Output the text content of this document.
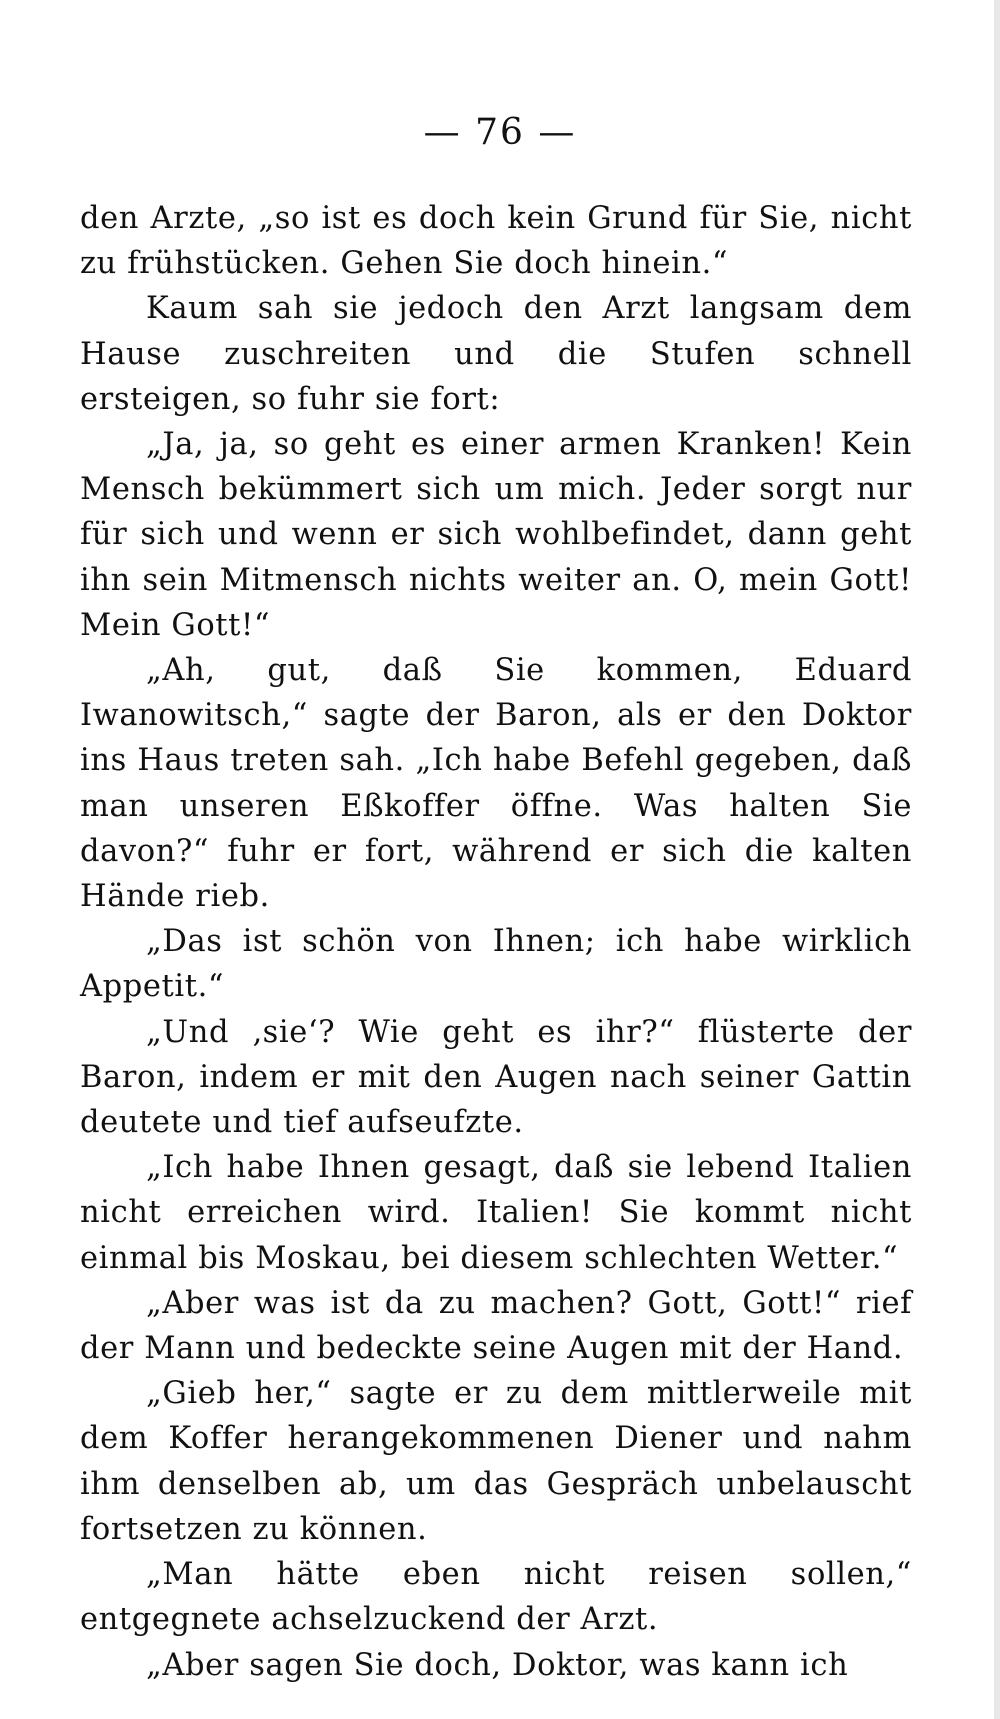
— 76 —

den Arzte, „so ist es doch kein Grund für Sie, nicht zu frühstücken. Gehen Sie doch hinein.“

Kaum sah sie jedoch den Arzt langsam dem Hause zuschreiten und die Stufen schnell ersteigen, so fuhr sie fort:

„Ja, ja, so geht es einer armen Kranken! Kein Mensch bekümmert sich um mich. Jeder sorgt nur für sich und wenn er sich wohlbefindet, dann geht ihn sein Mitmensch nichts weiter an. O, mein Gott! Mein Gott!“

„Ah, gut, daß Sie kommen, Eduard Iwanowitsch,“ sagte der Baron, als er den Doktor ins Haus treten sah. „Ich habe Befehl gegeben, daß man unseren Eßkoffer öffne. Was halten Sie davon?“ fuhr er fort, während er sich die kalten Hände rieb.

„Das ist schön von Ihnen; ich habe wirklich Appetit.“

„Und ‚sie‘? Wie geht es ihr?“ flüsterte der Baron, indem er mit den Augen nach seiner Gattin deutete und tief aufseufzte.

„Ich habe Ihnen gesagt, daß sie lebend Italien nicht erreichen wird. Italien! Sie kommt nicht einmal bis Moskau, bei diesem schlechten Wetter.“

„Aber was ist da zu machen? Gott, Gott!“ rief der Mann und bedeckte seine Augen mit der Hand.

„Gieb her,“ sagte er zu dem mittlerweile mit dem Koffer herangekommenen Diener und nahm ihm denselben ab, um das Gespräch unbelauscht fortsetzen zu können.

„Man hätte eben nicht reisen sollen,“ entgegnete achselzuckend der Arzt.

„Aber sagen Sie doch, Doktor, was kann ich
